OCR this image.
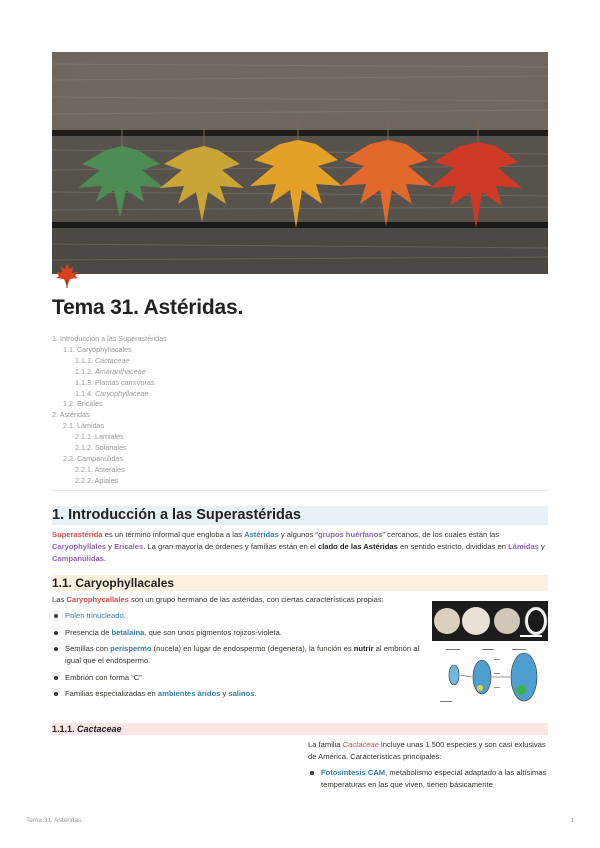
Tema 31. Astéridas.
1. Introducción a las Superastéridas
1.1. Caryophyllacales
1.1.1. Cactaceae
1.1.2. Amaranthaceae
1.1.3. Plantas carnívoras
1.1.4. Caryophyllaceae
1.2. Ericales
2. Astéridas
2.1. Lámidas
2.1.1. Lamiales
2.1.2. Solanales
2.2. Campanúlidas
2.2.1. Asterales
2.2.2. Apiales
1. Introducción a las Superastéridas
Superastérida es un término informal que engloba a las Astéridas y algunos “grupos huérfanos” cercanos, de los cuales están las Caryophyllales y Ericales. La gran mayoría de órdenes y familias están en el clado de las Astéridas en sentido estricto, divididas en Lámidas y Campanúlidas.
1.1. Caryophyllacales
Las Caryophycallales son un grupo hermano de las astéridas, con ciertas características propias:
Polen trinucleado.
Presencia de betalaína, que son unos pigmentos rojizos-violeta.
Semillas con perispermo (nucela) en lugar de endospermo (degenera), la función es nutrir al embrión al igual que el endospermo.
Embrión con forma “C”
Familias especializadas en ambientes áridos y salinos.
1.1.1. Cactaceae
La familia Cactaceae incluye unas 1.500 especies y son casi exlusivas de América. Características principales:
Fotosíntesis CAM, metabolismo especial adaptado a las altísimas temperaturas en las que viven, tienen básicamente
Tema 31. Astéridas.	1
